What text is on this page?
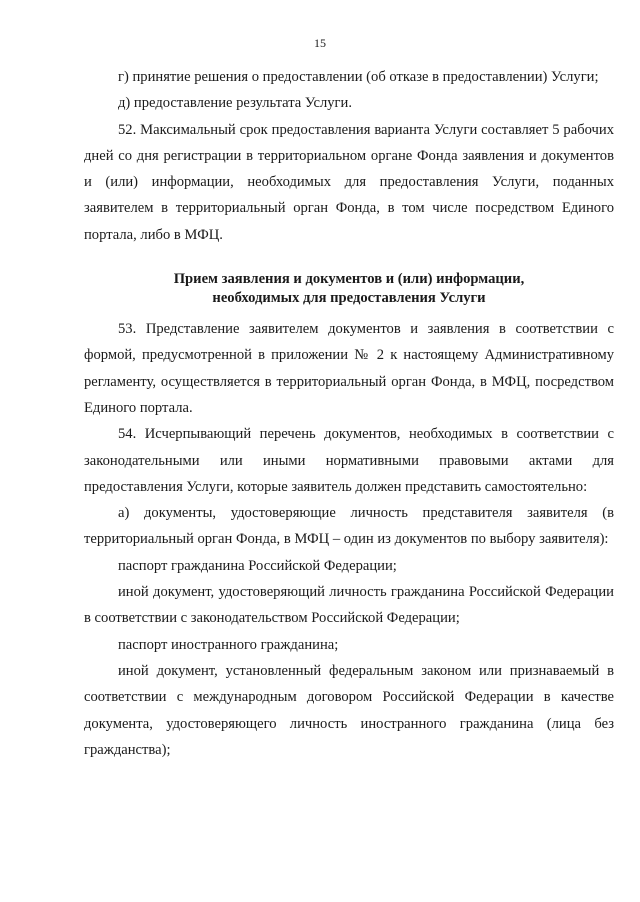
15

г) принятие решения о предоставлении (об отказе в предоставлении) Услуги;

д) предоставление результата Услуги.

52. Максимальный срок предоставления варианта Услуги составляет 5 рабочих дней со дня регистрации в территориальном органе Фонда заявления и документов и (или) информации, необходимых для предоставления Услуги, поданных заявителем в территориальный орган Фонда, в том числе посредством Единого портала, либо в МФЦ.

Прием заявления и документов и (или) информации,
необходимых для предоставления Услуги

53. Представление заявителем документов и заявления в соответствии с формой, предусмотренной в приложении № 2 к настоящему Административному регламенту, осуществляется в территориальный орган Фонда, в МФЦ, посредством Единого портала.

54. Исчерпывающий перечень документов, необходимых в соответствии с законодательными или иными нормативными правовыми актами для предоставления Услуги, которые заявитель должен представить самостоятельно:

а) документы, удостоверяющие личность представителя заявителя (в территориальный орган Фонда, в МФЦ – один из документов по выбору заявителя):

паспорт гражданина Российской Федерации;

иной документ, удостоверяющий личность гражданина Российской Федерации в соответствии с законодательством Российской Федерации;

паспорт иностранного гражданина;

иной документ, установленный федеральным законом или признаваемый в соответствии с международным договором Российской Федерации в качестве документа, удостоверяющего личность иностранного гражданина (лица без гражданства);
